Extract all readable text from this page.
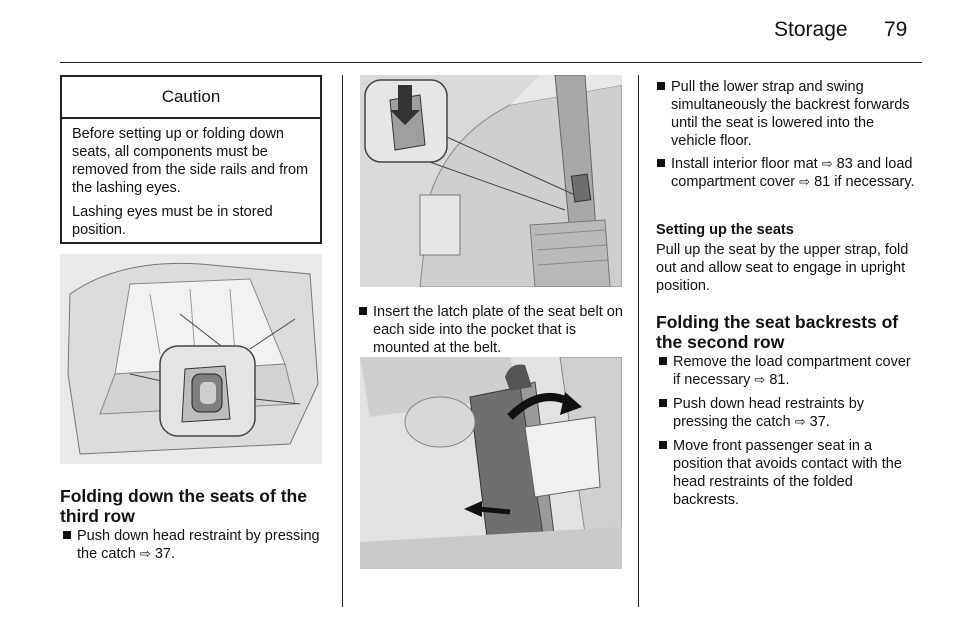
Storage 79
Caution

Before setting up or folding down seats, all components must be removed from the side rails and from the lashing eyes.

Lashing eyes must be in stored position.

Folding down the seats of the third row
Push down head restraint by pressing the catch ⇨ 37.
Insert the latch plate of the seat belt on each side into the pocket that is mounted at the belt.
Pull the lower strap and swing simultaneously the backrest forwards until the seat is lowered into the vehicle floor.
Install interior floor mat ⇨ 83 and load compartment cover ⇨ 81 if necessary.
Setting up the seats
Pull up the seat by the upper strap, fold out and allow seat to engage in upright position.
Folding the seat backrests of the second row
Remove the load compartment cover if necessary ⇨ 81.
Push down head restraints by pressing the catch ⇨ 37.
Move front passenger seat in a position that avoids contact with the head restraints of the folded backrests.
